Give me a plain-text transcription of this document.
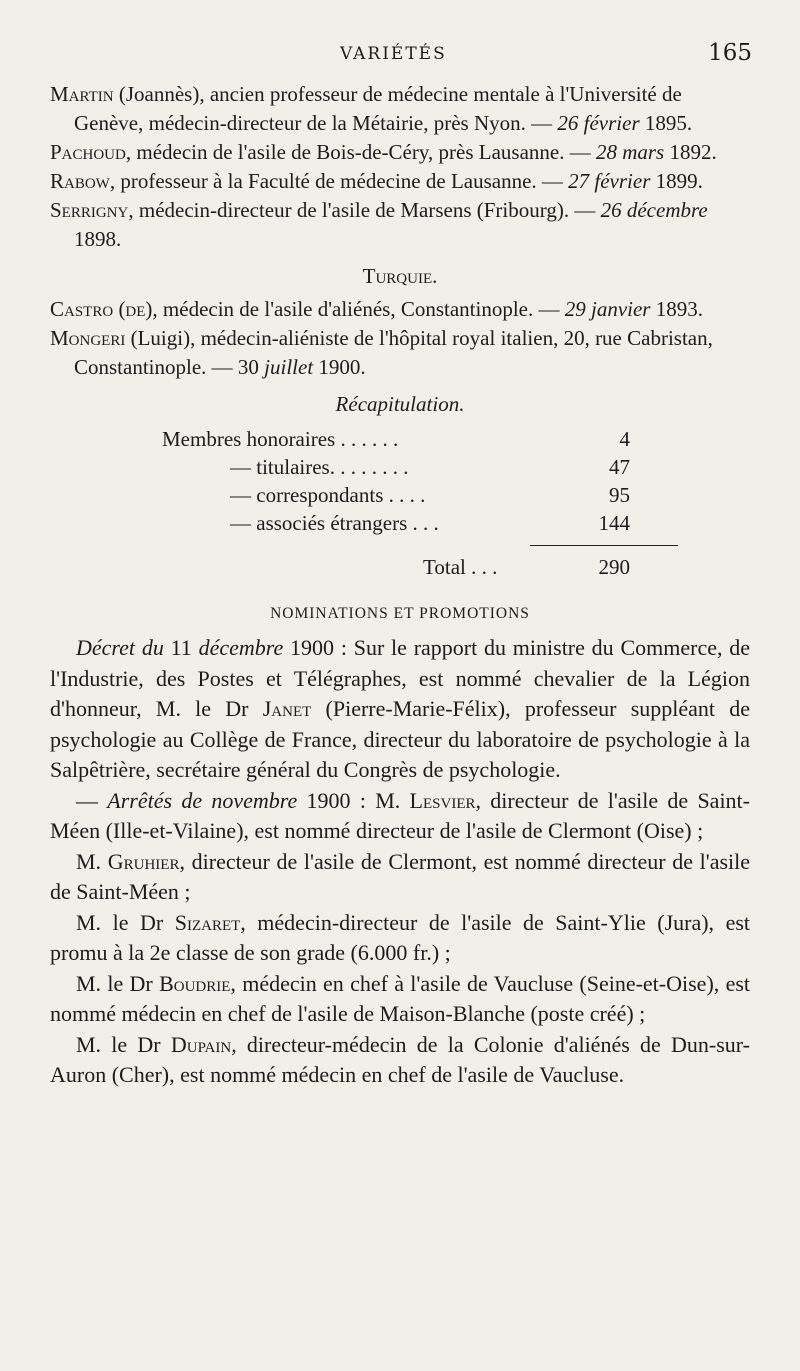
VARIÉTÉS	165

Martin (Joannès), ancien professeur de médecine mentale à l'Université de Genève, médecin-directeur de la Métairie, près Nyon. — 26 février 1895.

Pachoud, médecin de l'asile de Bois-de-Céry, près Lausanne. — 28 mars 1892.

Rabow, professeur à la Faculté de médecine de Lausanne. — 27 février 1899.

Serrigny, médecin-directeur de l'asile de Marsens (Fribourg). — 26 décembre 1898.

Turquie.

Castro (de), médecin de l'asile d'aliénés, Constantinople. — 29 janvier 1893.

Mongeri (Luigi), médecin-aliéniste de l'hôpital royal italien, 20, rue Cabristan, Constantinople. — 30 juillet 1900.

Récapitulation.
Membres honoraires . . . . . .	4
— titulaires. . . . . . . .	47
— correspondants . . . .	95
— associés étrangers . . .	144
Total . . .	290
NOMINATIONS ET PROMOTIONS

Décret du 11 décembre 1900 : Sur le rapport du ministre du Commerce, de l'Industrie, des Postes et Télégraphes, est nommé chevalier de la Légion d'honneur, M. le Dr Janet (Pierre-Marie-Félix), professeur suppléant de psychologie au Collège de France, directeur du laboratoire de psychologie à la Salpêtrière, secrétaire général du Congrès de psychologie.

— Arrêtés de novembre 1900 : M. Lesvier, directeur de l'asile de Saint-Méen (Ille-et-Vilaine), est nommé directeur de l'asile de Clermont (Oise) ;

M. Gruhier, directeur de l'asile de Clermont, est nommé directeur de l'asile de Saint-Méen ;

M. le Dr Sizaret, médecin-directeur de l'asile de Saint-Ylie (Jura), est promu à la 2e classe de son grade (6.000 fr.) ;

M. le Dr Boudrie, médecin en chef à l'asile de Vaucluse (Seine-et-Oise), est nommé médecin en chef de l'asile de Maison-Blanche (poste créé) ;

M. le Dr Dupain, directeur-médecin de la Colonie d'aliénés de Dun-sur-Auron (Cher), est nommé médecin en chef de l'asile de Vaucluse.
